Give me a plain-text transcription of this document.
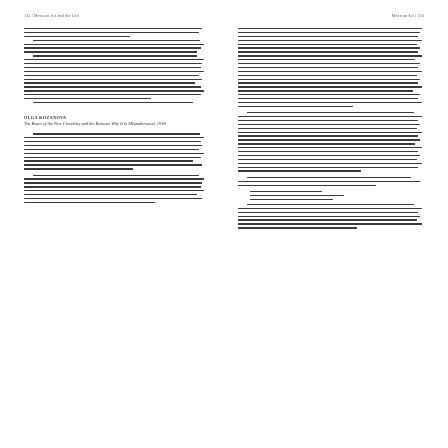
132 | Mexican Art and the Left	Mexican Art | 133
OLGA KOZANOVA
The Bases of the New Creativity and the Reasons Why It Is Misunderstood, 1918
